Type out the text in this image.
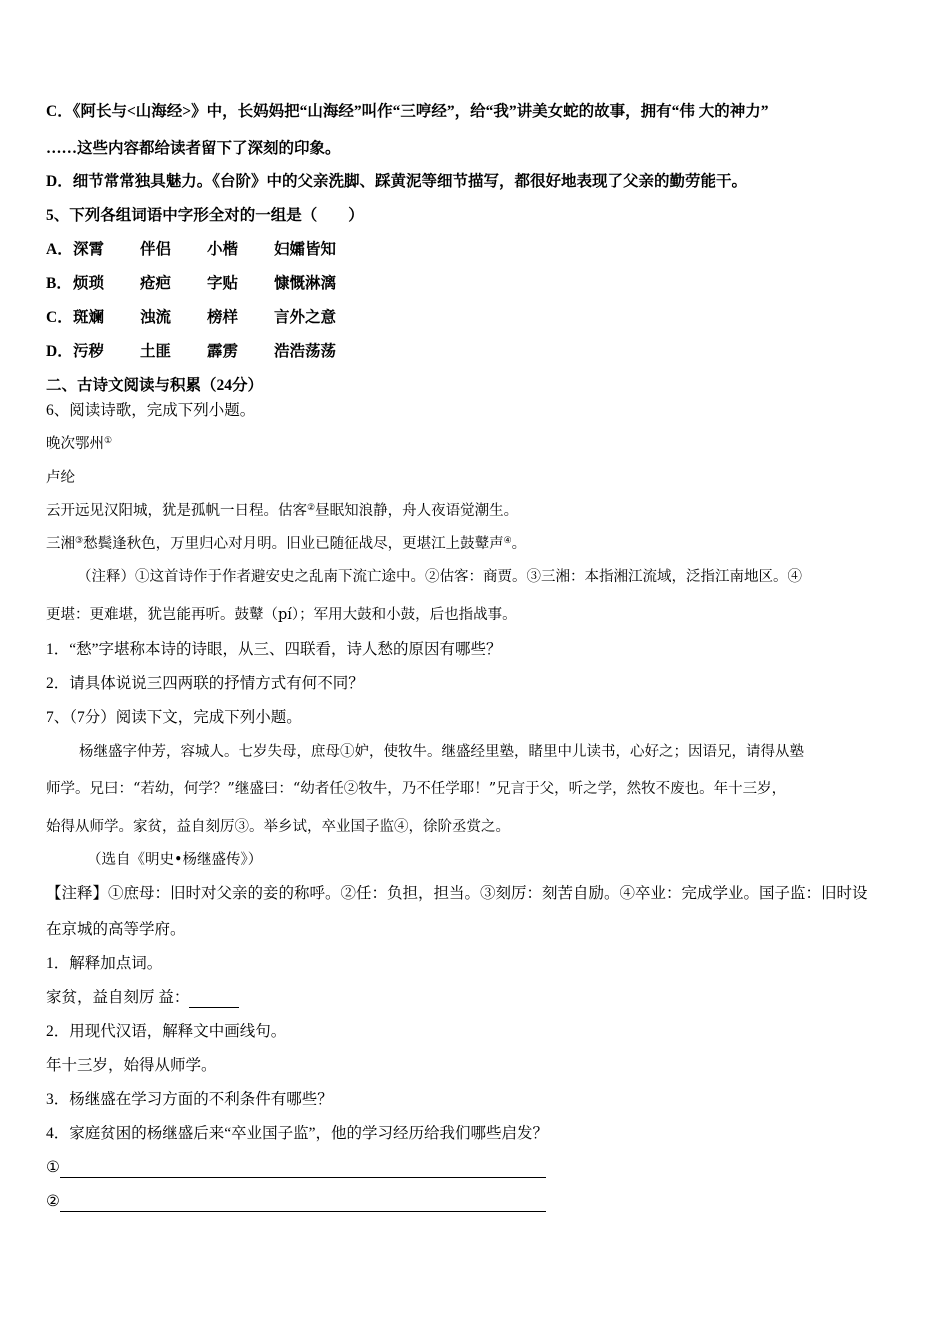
C．《阿长与<山海经>》中，长妈妈把“山海经”叫作“三哼经”，给“我”讲美女蛇的故事，拥有“伟 大的神力”
……这些内容都给读者留下了深刻的印象。
D．细节常常独具魅力。《台阶》中的父亲洗脚、踩黄泥等细节描写，都很好地表现了父亲的勤劳能干。
5、下列各组词语中字形全对的一组是（　　）
A．深霄 伴侣 小楷 妇孀皆知
B．烦琐 疮疤 字贴 慷慨淋漓
C．斑斓 浊流 榜样 言外之意
D．污秽 土匪 霹雳 浩浩荡荡
二、古诗文阅读与积累（24分）
6、阅读诗歌，完成下列小题。
晚次鄂州①
卢纶
云开远见汉阳城，犹是孤帆一日程。估客②昼眠知浪静，舟人夜语觉潮生。
三湘③愁鬓逢秋色，万里归心对月明。旧业已随征战尽，更堪江上鼓鼙声④。
（注释）①这首诗作于作者避安史之乱南下流亡途中。②估客：商贾。③三湘：本指湘江流域，泛指江南地区。④
更堪：更难堪，犹岂能再听。鼓鼙（pí）；军用大鼓和小鼓，后也指战事。
1．“愁”字堪称本诗的诗眼，从三、四联看，诗人愁的原因有哪些？
2．请具体说说三四两联的抒情方式有何不同？
7、（7分）阅读下文，完成下列小题。
杨继盛字仲芳，容城人。七岁失母，庶母①妒，使牧牛。继盛经里塾，睹里中儿读书，心好之；因语兄，请得从塾
师学。兄曰：“若幼，何学？”继盛曰：“幼者任②牧牛，乃不任学耶！”兄言于父，听之学，然牧不废也。年十三岁，
始得从师学。家贫，益自刻厉③。举乡试，卒业国子监④，徐阶丞赏之。
（选自《明史•杨继盛传》）
【注释】①庶母：旧时对父亲的妾的称呼。②任：负担，担当。③刻厉：刻苦自励。④卒业：完成学业。国子监：旧时设
在京城的高等学府。
1．解释加点词。
家贫，益自刻厉 益：
2．用现代汉语，解释文中画线句。
年十三岁，始得从师学。
3．杨继盛在学习方面的不利条件有哪些？
4．家庭贫困的杨继盛后来“卒业国子监”，他的学习经历给我们哪些启发？
①
②
